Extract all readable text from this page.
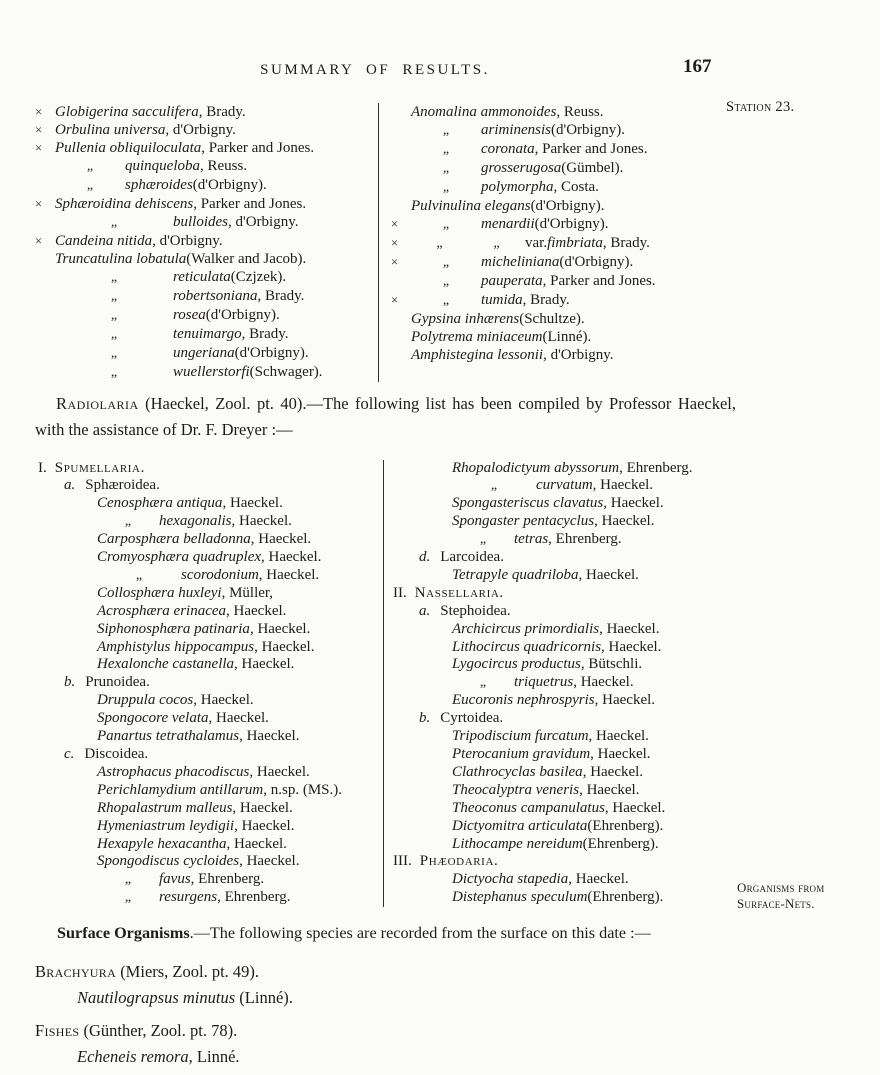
SUMMARY OF RESULTS.	167
Station 23.
Organisms from
Surface-Nets.
× Globigerina sacculifera , Brady.
× Orbulina universa , d'Orbigny.
× Pullenia obliquiloculata , Parker and Jones.
„	quinqueloba , Reuss.
„	sphæroides (d'Orbigny).
× Sphæroidina dehiscens , Parker and Jones.
„	bulloides , d'Orbigny.
× Candeina nitida , d'Orbigny.
Truncatulina lobatula (Walker and Jacob).
„	reticulata (Czjzek).
„	robertsoniana , Brady.
„	rosea (d'Orbigny).
„	tenuimargo , Brady.
„	ungeriana (d'Orbigny).
„	wuellerstorfi (Schwager).
Anomalina ammonoides , Reuss.
„	ariminensis (d'Orbigny).
„	coronata , Parker and Jones.
„	grosserugosa (Gümbel).
„	polymorpha , Costa.
Pulvinulina elegans (d'Orbigny).
×	„	menardii (d'Orbigny).
×	„	„	var. fimbriata , Brady.
×	„	micheliniana (d'Orbigny).
„	pauperata , Parker and Jones.
×	„	tumida , Brady.
Gypsina inhærens (Schultze).
Polytrema miniaceum (Linné).
Amphistegina lessonii , d'Orbigny.

Radiolaria (Haeckel, Zool. pt. 40).—The following list has been compiled by Professor Haeckel, with the assistance of Dr. F. Dreyer :—

I. Spumellaria.
a. Sphæroidea.
Cenosphæra antiqua , Haeckel.
„	hexagonalis , Haeckel.
Carposphæra belladonna , Haeckel.
Cromyosphæra quadruplex , Haeckel.
„	scorodonium , Haeckel.
Collosphæra huxleyi , Müller,
Acrosphæra erinacea , Haeckel.
Siphonosphæra patinaria , Haeckel.
Amphistylus hippocampus , Haeckel.
Hexalonche castanella , Haeckel.
b. Prunoidea.
Druppula cocos , Haeckel.
Spongocore velata , Haeckel.
Panartus tetrathalamus , Haeckel.
c. Discoidea.
Astrophacus phacodiscus , Haeckel.
Perichlamydium antillarum , n.sp. (MS.).
Rhopalastrum malleus , Haeckel.
Hymeniastrum leydigii , Haeckel.
Hexapyle hexacantha , Haeckel.
Spongodiscus cycloides , Haeckel.
„	favus , Ehrenberg.
„	resurgens , Ehrenberg.
Rhopalodictyum abyssorum , Ehrenberg.
„	curvatum , Haeckel.
Spongasteriscus clavatus , Haeckel.
Spongaster pentacyclus , Haeckel.
„	tetras , Ehrenberg.
d. Larcoidea.
Tetrapyle quadriloba , Haeckel.
II. Nassellaria.
a. Stephoidea.
Archicircus primordialis , Haeckel.
Lithocircus quadricornis , Haeckel.
Lygocircus productus , Bütschli.
„	triquetrus , Haeckel.
Eucoronis nephrospyris , Haeckel.
b. Cyrtoidea.
Tripodiscium furcatum , Haeckel.
Pterocanium gravidum , Haeckel.
Clathrocyclas basilea , Haeckel.
Theocalyptra veneris , Haeckel.
Theoconus campanulatus , Haeckel.
Dictyomitra articulata (Ehrenberg).
Lithocampe nereidum (Ehrenberg).
III. Phæodaria.
Dictyocha stapedia , Haeckel.
Distephanus speculum (Ehrenberg).

Surface Organisms.—The following species are recorded from the surface on this date :—

Brachyura (Miers, Zool. pt. 49).
Nautilograpsus minutus (Linné).
Fishes (Günther, Zool. pt. 78).
Echeneis remora, Linné.
